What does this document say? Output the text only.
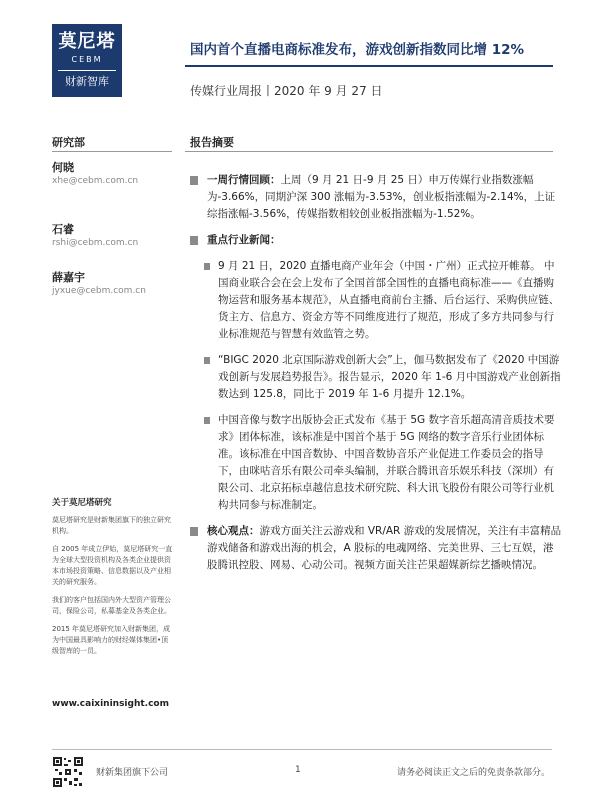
莫尼塔
CEBM
财新智库
国内首个直播电商标准发布，游戏创新指数同比增 12%
传媒行业周报丨2020 年 9 月 27 日
研究部	报告摘要
何晓
xhe@cebm.com.cn
石睿
rshi@cebm.com.cn
薛嘉宇
jyxue@cebm.com.cn
关于莫尼塔研究

莫尼塔研究是财新集团旗下的独立研究机构。

自 2005 年成立伊始，莫尼塔研究一直为全球大型投资机构及各类企业提供资本市场投资策略、信息数据以及产业相关的研究服务。

我们的客户包括国内外大型资产管理公司，保险公司，私募基金及各类企业。

2015 年莫尼塔研究加入财新集团，成为中国最具影响力的财经媒体集团•顶级智库的一员。

www.caixininsight.com
一周行情回顾：上周（9 月 21 日-9 月 25 日）申万传媒行业指数涨幅为-3.66%，同期沪深 300 涨幅为-3.53%，创业板指涨幅为-2.14%，上证综指涨幅-3.56%，传媒指数相较创业板指涨幅为-1.52%。
重点行业新闻：
9 月 21 日，2020 直播电商产业年会（中国・广州）正式拉开帷幕。 中国商业联合会在会上发布了全国首部全国性的直播电商标准——《直播购物运营和服务基本规范》，从直播电商前台主播、后台运行、采购供应链、货主方、信息方、资金方等不同维度进行了规范，形成了多方共同参与行业标准规范与智慧有效监管之势。
“BIGC 2020 北京国际游戏创新大会”上，伽马数据发布了《2020 中国游戏创新与发展趋势报告》。报告显示，2020 年 1-6 月中国游戏产业创新指数达到 125.8，同比于 2019 年 1-6 月提升 12.1%。
中国音像与数字出版协会正式发布《基于 5G 数字音乐超高清音质技术要求》团体标准，该标准是中国首个基于 5G 网络的数字音乐行业团体标准。该标准在中国音数协、中国音数协音乐产业促进工作委员会的指导下，由咪咕音乐有限公司牵头编制，并联合腾讯音乐娱乐科技（深圳）有限公司、北京拓标卓越信息技术研究院、科大讯飞股份有限公司等行业机构共同参与标准制定。
核心观点：游戏方面关注云游戏和 VR/AR 游戏的发展情况，关注有丰富精品游戏储备和游戏出海的机会，A 股标的电魂网络、完美世界、三七互娱，港股腾讯控股、网易、心动公司。视频方面关注芒果超媒新综艺播映情况。
财新集团旗下公司	1	请务必阅读正文之后的免责条款部分。
